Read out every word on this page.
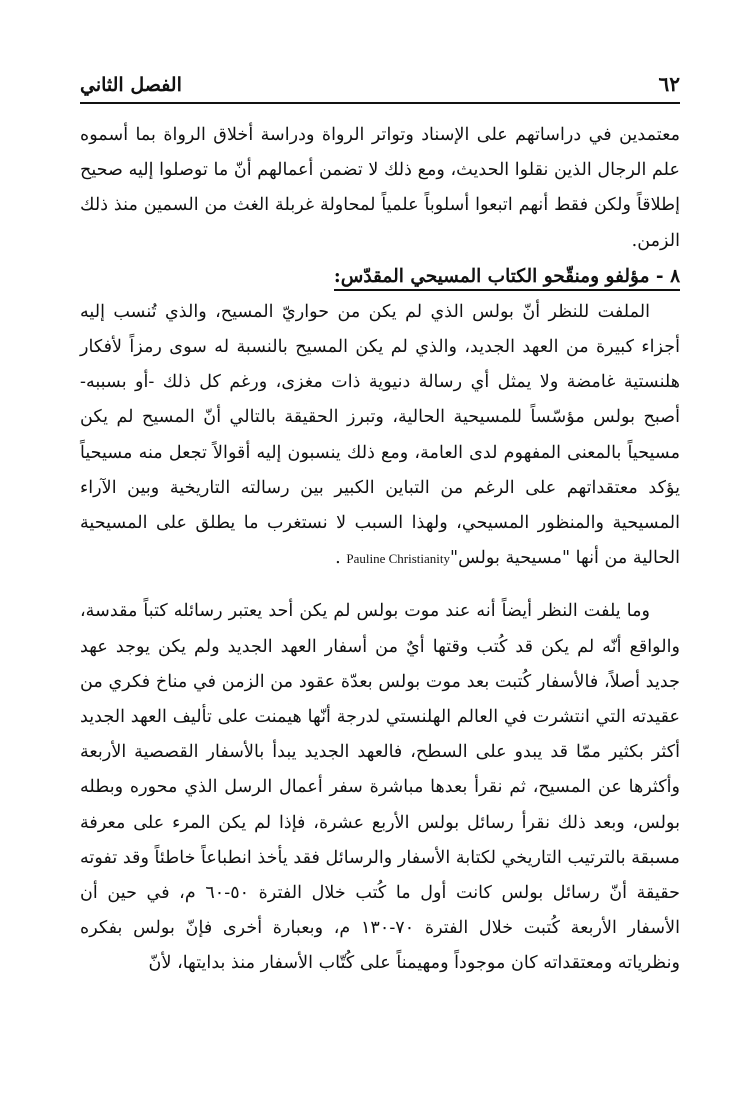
الفصل الثاني	٦٢

معتمدين في دراساتهم على الإسناد وتواتر الرواة ودراسة أخلاق الرواة بما أسموه علم الرجال الذين نقلوا الحديث، ومع ذلك لا تضمن أعمالهم أنّ ما توصلوا إليه صحيح إطلاقاً ولكن فقط أنهم اتبعوا أسلوباً علمياً لمحاولة غربلة الغث من السمين منذ ذلك الزمن.

٨ - مؤلفو ومنقّحو الكتاب المسيحي المقدّس:

الملفت للنظر أنّ بولس الذي لم يكن من حواريّ المسيح، والذي تُنسب إليه أجزاء كبيرة من العهد الجديد، والذي لم يكن المسيح بالنسبة له سوى رمزاً لأفكار هلنستية غامضة ولا يمثل أي رسالة دنيوية ذات مغزى، ورغم كل ذلك -أو بسببه- أصبح بولس مؤسّساً للمسيحية الحالية، وتبرز الحقيقة بالتالي أنّ المسيح لم يكن مسيحياً بالمعنى المفهوم لدى العامة، ومع ذلك ينسبون إليه أقوالاً تجعل منه مسيحياً يؤكد معتقداتهم على الرغم من التباين الكبير بين رسالته التاريخية وبين الآراء المسيحية والمنظور المسيحي، ولهذا السبب لا نستغرب ما يطلق على المسيحية الحالية من أنها "مسيحية بولس"Pauline Christianity .

وما يلفت النظر أيضاً أنه عند موت بولس لم يكن أحد يعتبر رسائله كتباً مقدسة، والواقع أنّه لم يكن قد كُتب وقتها أيٌ من أسفار العهد الجديد ولم يكن يوجد عهد جديد أصلاً، فالأسفار كُتبت بعد موت بولس بعدّة عقود من الزمن في مناخ فكري من عقيدته التي انتشرت في العالم الهلنستي لدرجة أنّها هيمنت على تأليف العهد الجديد أكثر بكثير ممّا قد يبدو على السطح، فالعهد الجديد يبدأ بالأسفار القصصية الأربعة وأكثرها عن المسيح، ثم نقرأ بعدها مباشرة سفر أعمال الرسل الذي محوره وبطله بولس، وبعد ذلك نقرأ رسائل بولس الأربع عشرة، فإذا لم يكن المرء على معرفة مسبقة بالترتيب التاريخي لكتابة الأسفار والرسائل فقد يأخذ انطباعاً خاطئاً وقد تفوته حقيقة أنّ رسائل بولس كانت أول ما كُتب خلال الفترة ٥٠-٦٠ م، في حين أن الأسفار الأربعة كُتبت خلال الفترة ٧٠-١٣٠ م، وبعبارة أخرى فإنّ بولس بفكره ونظرياته ومعتقداته كان موجوداً ومهيمناً على كُتّاب الأسفار منذ بدايتها، لأنّ
